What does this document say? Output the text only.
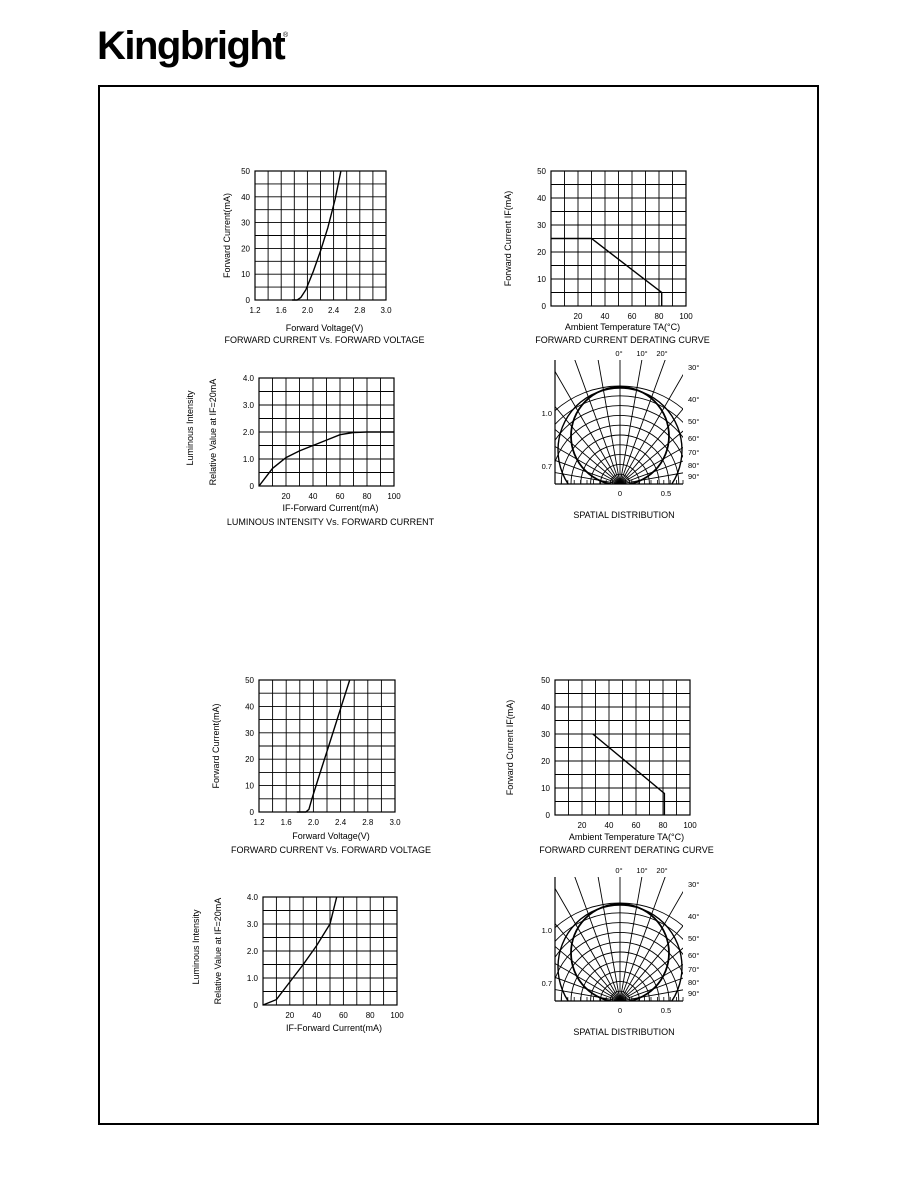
Kingbright
®
0
10
20
30
40
50
1.2 1.6 2.0 2.4 2.8 3.0
Forward Voltage(V)
Forward Current(mA)
FORWARD CURRENT Vs. FORWARD VOLTAGE
0
10
20
30
40
50
20 40 60 80 100
Ambient Temperature TA(°C)
Forward Current IF(mA)
FORWARD CURRENT DERATING CURVE
0
1.0
2.0
3.0
4.0
20 40 60 80 100
IF-Forward Current(mA)
Relative Value at IF=20mA
Luminous Intensity
LUMINOUS INTENSITY Vs. FORWARD CURRENT
0° 10° 20°
30°
40°
50°
60°
70°
80°
90°
1.0
0.7
0	0.5
SPATIAL DISTRIBUTION
0
10
20
30
40
50
1.2 1.6 2.0 2.4 2.8 3.0
Forward Voltage(V)
Forward Current(mA)
FORWARD CURRENT Vs. FORWARD VOLTAGE
0
10
20
30
40
50
20 40 60 80 100
Ambient Temperature TA(°C)
Forward Current IF(mA)
FORWARD CURRENT DERATING CURVE
0
1.0
2.0
3.0
4.0
20 40 60 80 100
IF-Forward Current(mA)
Relative Value at IF=20mA
Luminous Intensity
0° 10° 20°
30°
40°
50°
60°
70°
80°
90°
1.0
0.7
0	0.5
SPATIAL DISTRIBUTION
